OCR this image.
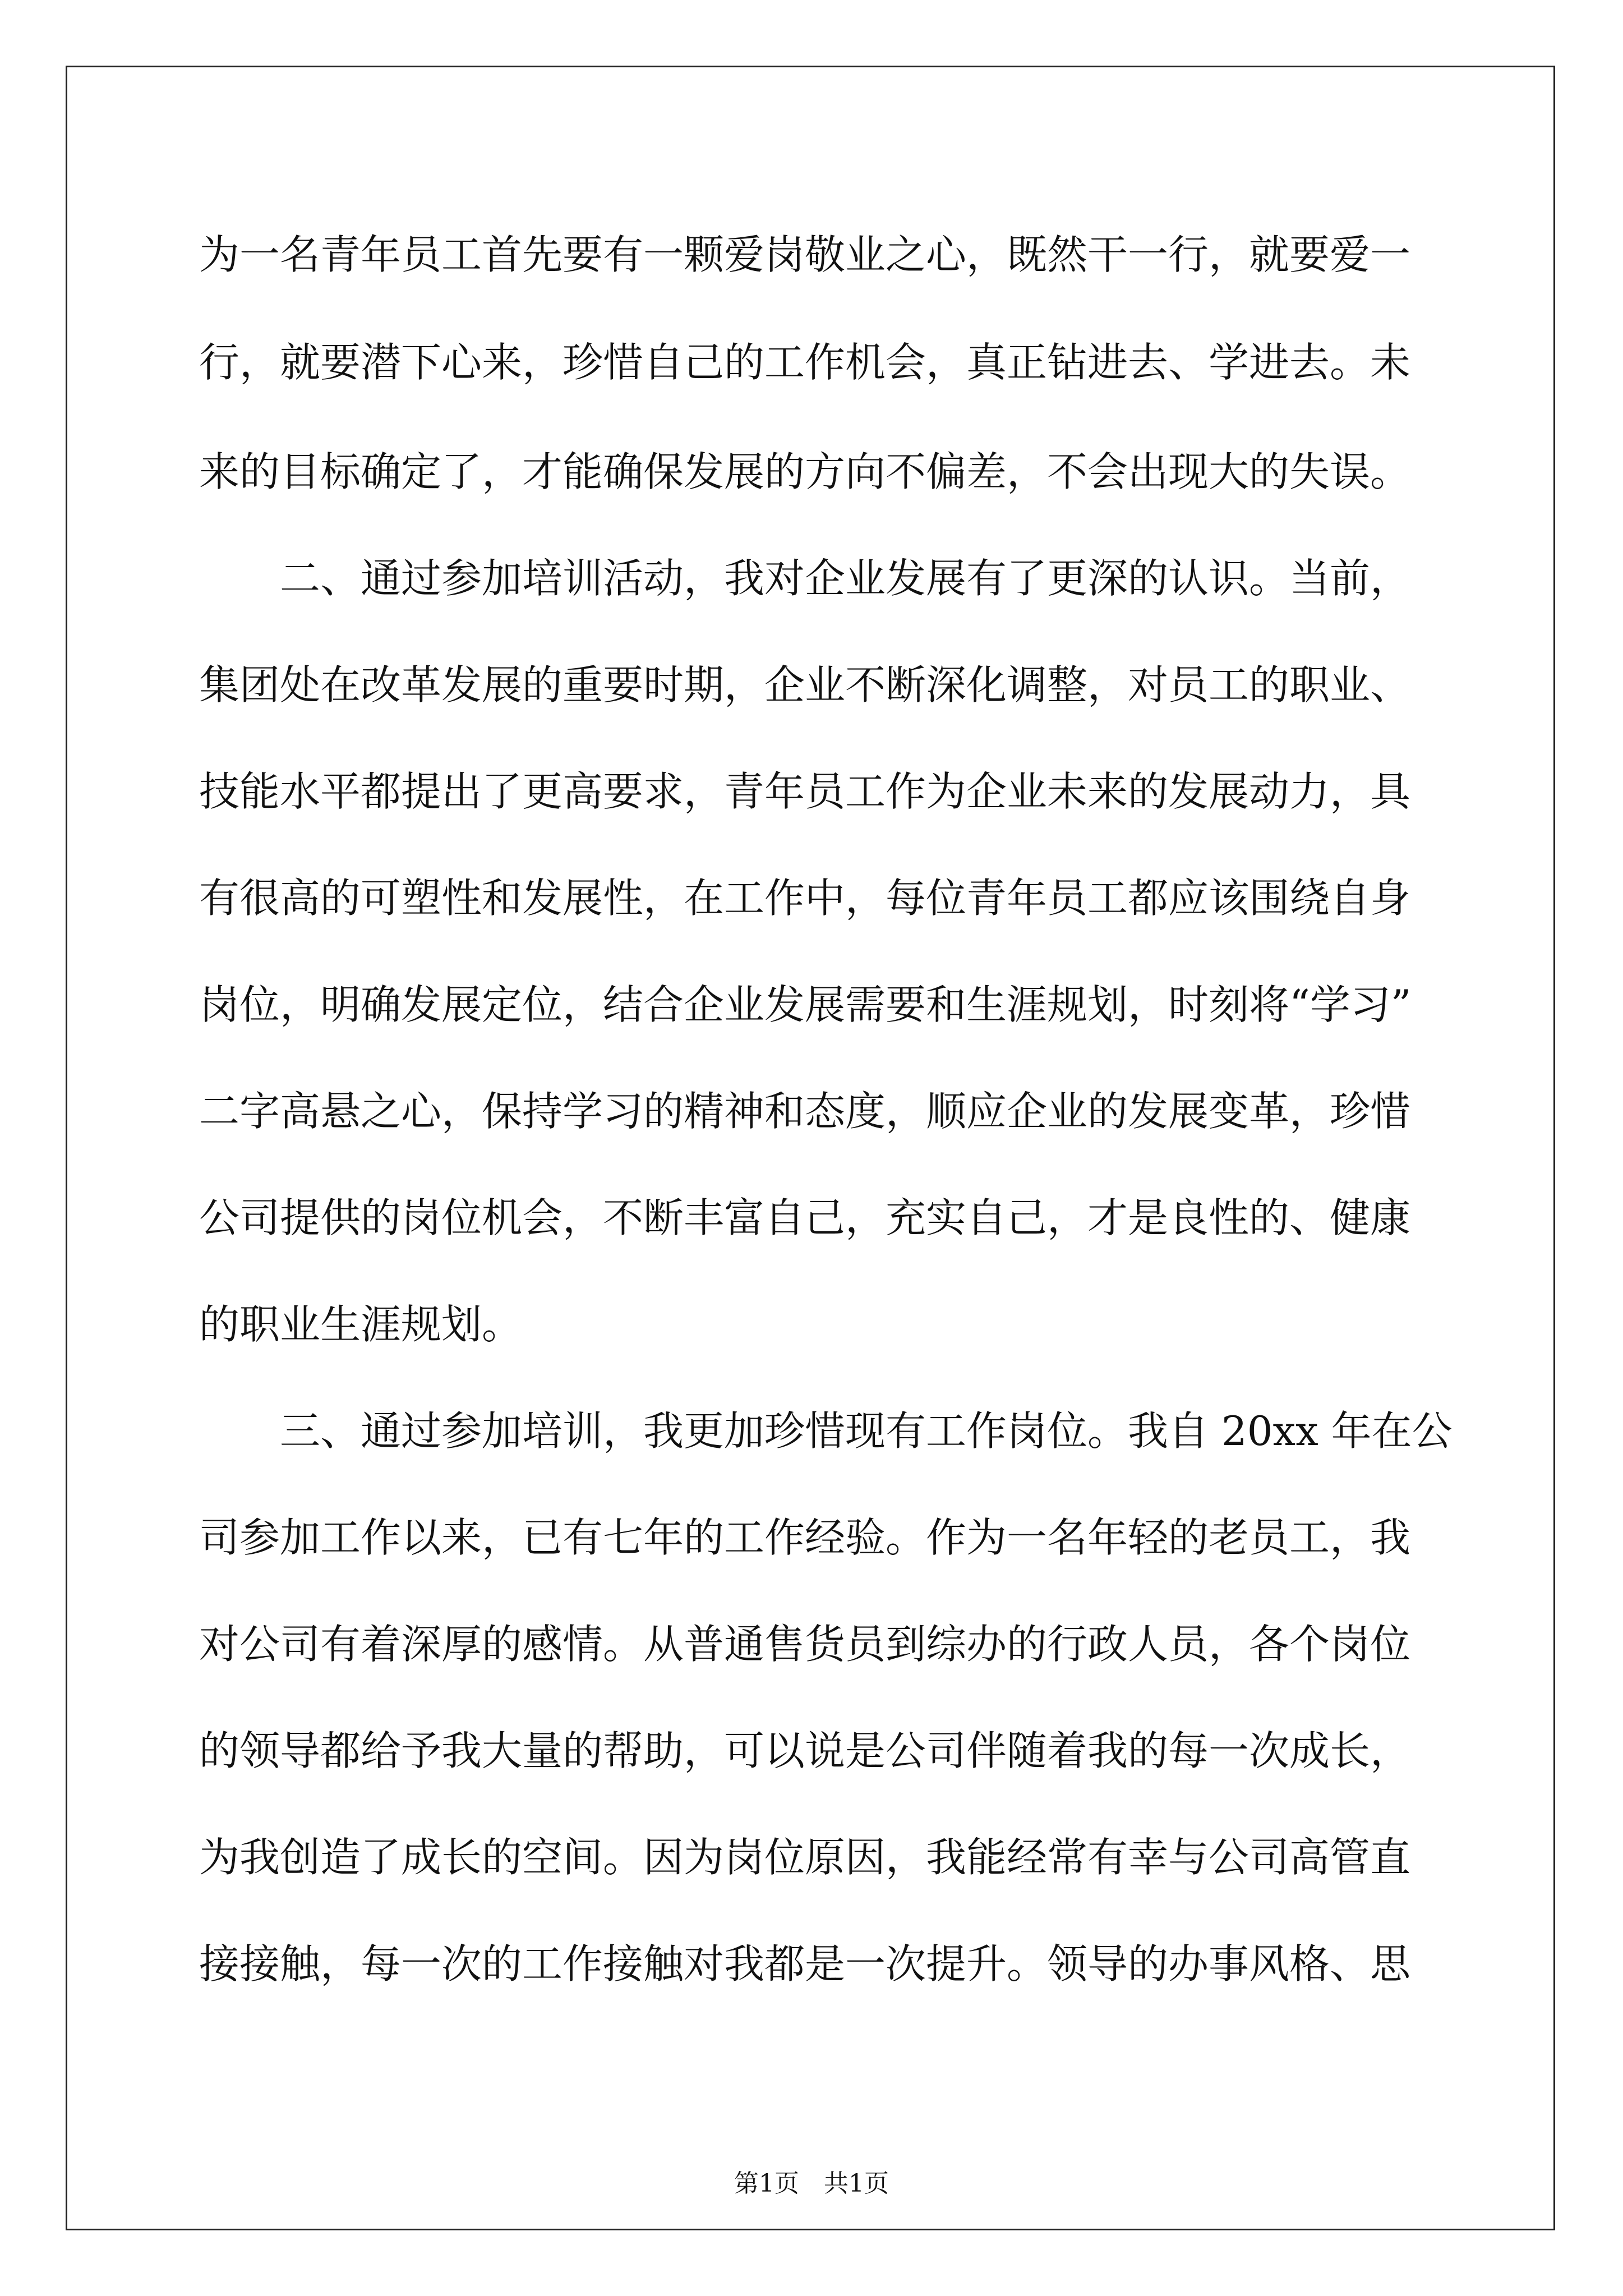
为一名青年员工首先要有一颗爱岗敬业之心，既然干一行，就要爱一
行，就要潜下心来，珍惜自己的工作机会，真正钻进去、学进去。未
来的目标确定了，才能确保发展的方向不偏差，不会出现大的失误。
　　二、通过参加培训活动，我对企业发展有了更深的认识。当前，
集团处在改革发展的重要时期，企业不断深化调整，对员工的职业、
技能水平都提出了更高要求，青年员工作为企业未来的发展动力，具
有很高的可塑性和发展性，在工作中，每位青年员工都应该围绕自身
岗位，明确发展定位，结合企业发展需要和生涯规划，时刻将“学习”
二字高悬之心，保持学习的精神和态度，顺应企业的发展变革，珍惜
公司提供的岗位机会，不断丰富自己，充实自己，才是良性的、健康
的职业生涯规划。
　　三、通过参加培训，我更加珍惜现有工作岗位。我自 20xx 年在公
司参加工作以来，已有七年的工作经验。作为一名年轻的老员工，我
对公司有着深厚的感情。从普通售货员到综办的行政人员，各个岗位
的领导都给予我大量的帮助，可以说是公司伴随着我的每一次成长，
为我创造了成长的空间。因为岗位原因，我能经常有幸与公司高管直
接接触，每一次的工作接触对我都是一次提升。领导的办事风格、思
第1页　共1页
